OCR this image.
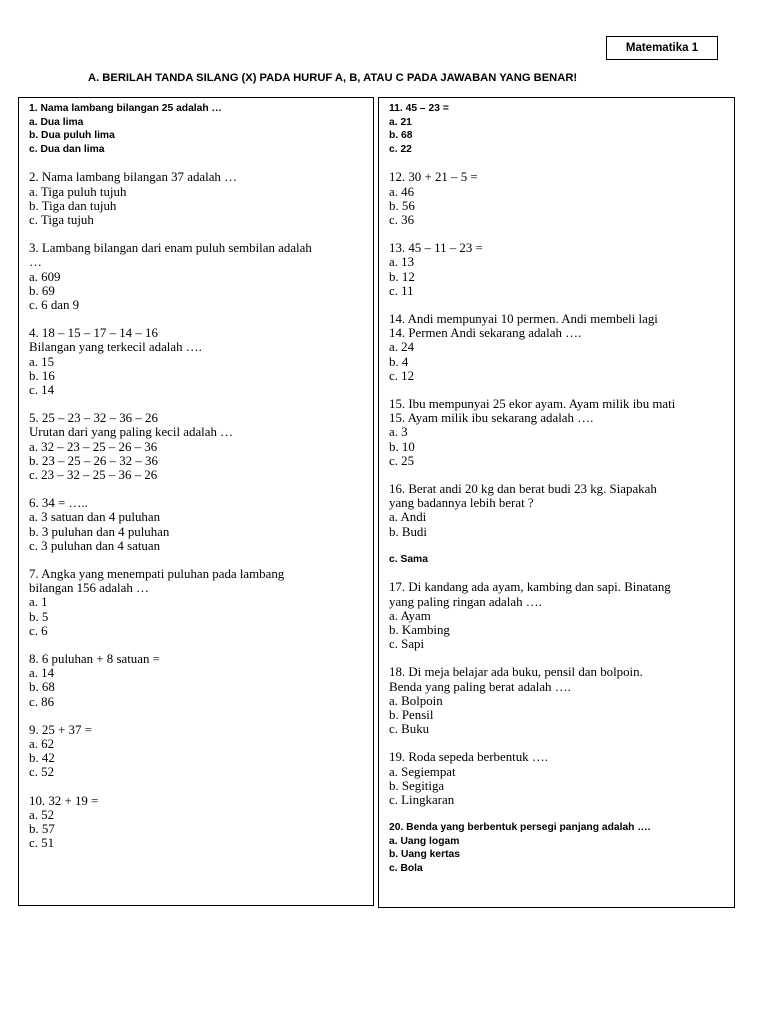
Matematika 1
A. BERILAH TANDA SILANG (X) PADA HURUF A, B, ATAU C PADA JAWABAN YANG BENAR!
1. Nama lambang bilangan 25 adalah …
a. Dua lima
b. Dua puluh lima
c. Dua dan lima
2. Nama lambang bilangan 37 adalah …
a. Tiga puluh tujuh
b. Tiga dan tujuh
c. Tiga tujuh
3. Lambang bilangan dari enam puluh sembilan adalah
…
a. 609
b. 69
c. 6 dan 9
4. 18 – 15 – 17 – 14 – 16
Bilangan yang terkecil adalah ….
a. 15
b. 16
c. 14
5. 25 – 23 – 32 – 36 – 26
Urutan dari yang paling kecil adalah …
a. 32 – 23 – 25 – 26 – 36
b. 23 – 25 – 26 – 32 – 36
c. 23 – 32 – 25 – 36 – 26
6. 34 = …..
a. 3 satuan dan 4 puluhan
b. 3 puluhan dan 4 puluhan
c. 3 puluhan dan 4 satuan
7. Angka yang menempati puluhan pada lambang
bilangan 156 adalah …
a. 1
b. 5
c. 6
8. 6 puluhan + 8 satuan =
a. 14
b. 68
c. 86
9. 25 + 37 =
a. 62
b. 42
c. 52
10. 32 + 19 =
a. 52
b. 57
c. 51
11. 45 – 23 =
a. 21
b. 68
c. 22
12. 30 + 21 – 5 =
a. 46
b. 56
c. 36
13. 45 – 11 – 23 =
a. 13
b. 12
c. 11
14. Andi mempunyai 10 permen. Andi membeli lagi
14. Permen Andi sekarang adalah ….
a. 24
b. 4
c. 12
15. Ibu mempunyai 25 ekor ayam. Ayam milik ibu mati
15. Ayam milik ibu sekarang adalah ….
a. 3
b. 10
c. 25
16. Berat andi 20 kg dan berat budi 23 kg. Siapakah
yang badannya lebih berat ?
a. Andi
b. Budi
c. Sama
17. Di kandang ada ayam, kambing dan sapi. Binatang
yang paling ringan adalah ….
a. Ayam
b. Kambing
c. Sapi
18. Di meja belajar ada buku, pensil dan bolpoin.
Benda yang paling berat adalah ….
a. Bolpoin
b. Pensil
c. Buku
19. Roda sepeda berbentuk ….
a. Segiempat
b. Segitiga
c. Lingkaran
20. Benda yang berbentuk persegi panjang adalah ….
a. Uang logam
b. Uang kertas
c. Bola
